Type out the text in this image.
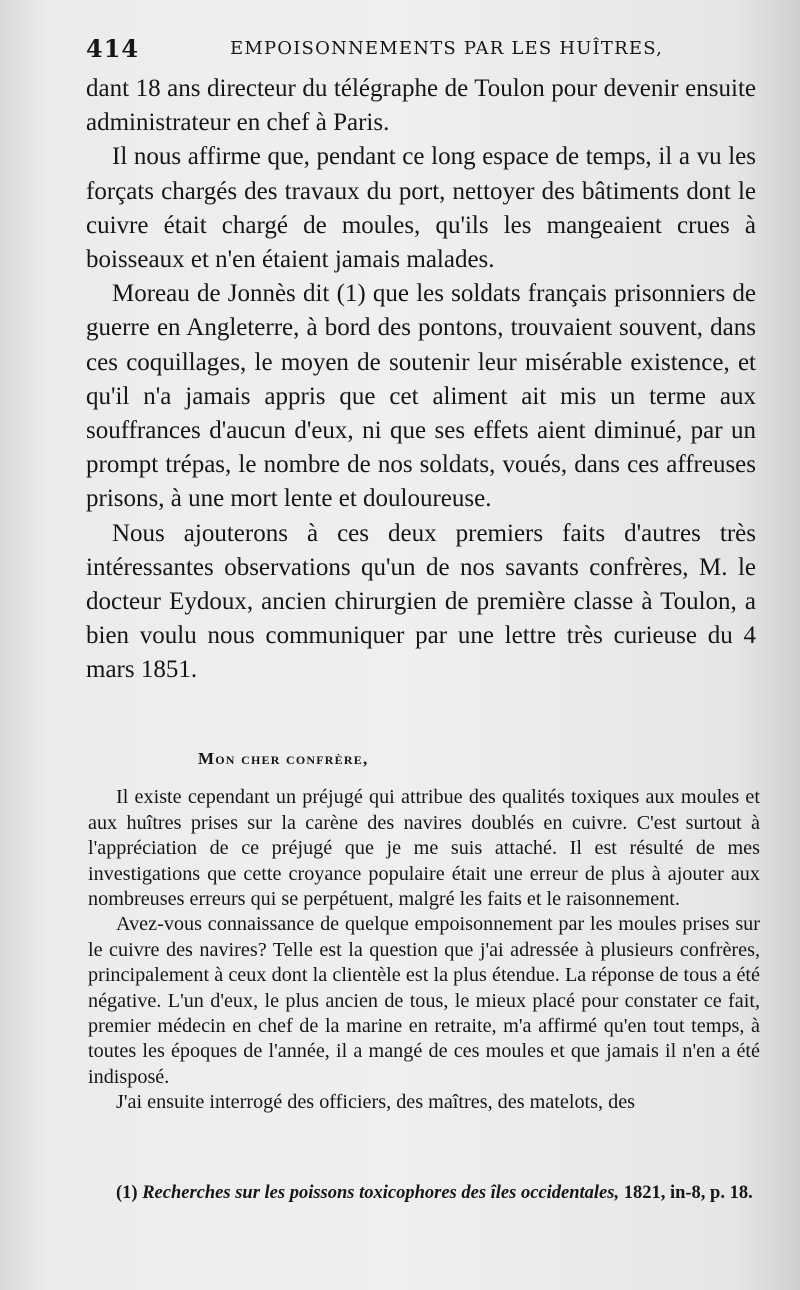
414	EMPOISONNEMENTS PAR LES HUÎTRES,

dant 18 ans directeur du télégraphe de Toulon pour devenir ensuite administrateur en chef à Paris.

Il nous affirme que, pendant ce long espace de temps, il a vu les forçats chargés des travaux du port, nettoyer des bâtiments dont le cuivre était chargé de moules, qu'ils les mangeaient crues à boisseaux et n'en étaient jamais malades.

Moreau de Jonnès dit (1) que les soldats français prisonniers de guerre en Angleterre, à bord des pontons, trouvaient souvent, dans ces coquillages, le moyen de soutenir leur misérable existence, et qu'il n'a jamais appris que cet aliment ait mis un terme aux souffrances d'aucun d'eux, ni que ses effets aient diminué, par un prompt trépas, le nombre de nos soldats, voués, dans ces affreuses prisons, à une mort lente et douloureuse.

Nous ajouterons à ces deux premiers faits d'autres très intéressantes observations qu'un de nos savants confrères, M. le docteur Eydoux, ancien chirurgien de première classe à Toulon, a bien voulu nous communiquer par une lettre très curieuse du 4 mars 1851.

Mon cher confrère,

Il existe cependant un préjugé qui attribue des qualités toxiques aux moules et aux huîtres prises sur la carène des navires doublés en cuivre. C'est surtout à l'appréciation de ce préjugé que je me suis attaché. Il est résulté de mes investigations que cette croyance populaire était une erreur de plus à ajouter aux nombreuses erreurs qui se perpétuent, malgré les faits et le raisonnement.

Avez-vous connaissance de quelque empoisonnement par les moules prises sur le cuivre des navires? Telle est la question que j'ai adressée à plusieurs confrères, principalement à ceux dont la clientèle est la plus étendue. La réponse de tous a été négative. L'un d'eux, le plus ancien de tous, le mieux placé pour constater ce fait, premier médecin en chef de la marine en retraite, m'a affirmé qu'en tout temps, à toutes les époques de l'année, il a mangé de ces moules et que jamais il n'en a été indisposé.

J'ai ensuite interrogé des officiers, des maîtres, des matelots, des

(1) Recherches sur les poissons toxicophores des îles occidentales, 1821, in-8, p. 18.
